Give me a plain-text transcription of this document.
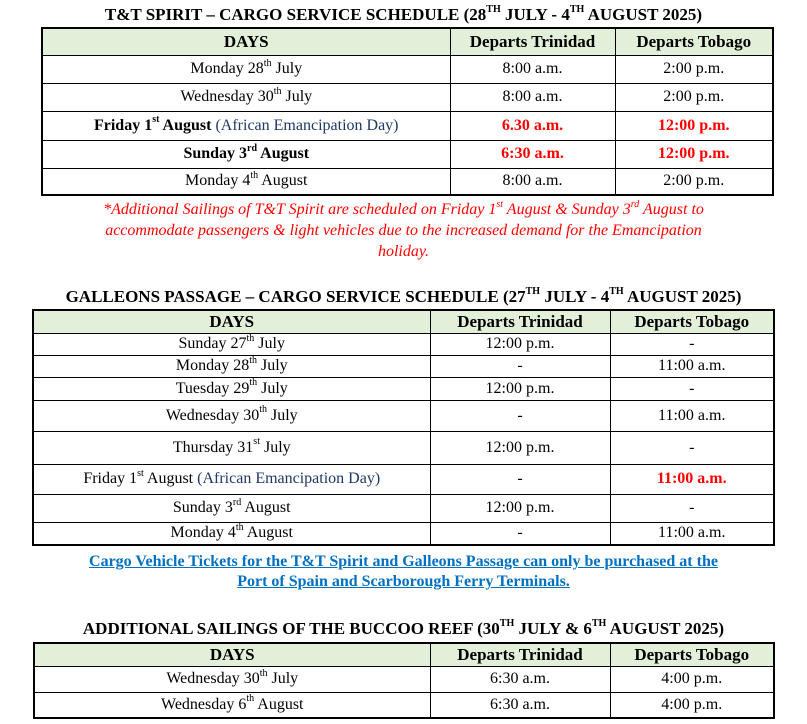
T&T SPIRIT – CARGO SERVICE SCHEDULE (28TH JULY - 4TH AUGUST 2025)
DAYS	Departs Trinidad	Departs Tobago
Monday 28th July	8:00 a.m.	2:00 p.m.
Wednesday 30th July	8:00 a.m.	2:00 p.m.
Friday 1st August (African Emancipation Day)	6.30 a.m.	12:00 p.m.
Sunday 3rd August	6:30 a.m.	12:00 p.m.
Monday 4th August	8:00 a.m.	2:00 p.m.
*Additional Sailings of T&T Spirit are scheduled on Friday 1st August & Sunday 3rd August to
accommodate passengers & light vehicles due to the increased demand for the Emancipation
holiday.
GALLEONS PASSAGE – CARGO SERVICE SCHEDULE (27TH JULY - 4TH AUGUST 2025)
DAYS	Departs Trinidad	Departs Tobago
Sunday 27th July	12:00 p.m.	-
Monday 28th July	-	11:00 a.m.
Tuesday 29th July	12:00 p.m.	-
Wednesday 30th July	-	11:00 a.m.
Thursday 31st July	12:00 p.m.	-
Friday 1st August (African Emancipation Day)	-	11:00 a.m.
Sunday 3rd August	12:00 p.m.	-
Monday 4th August	-	11:00 a.m.
Cargo Vehicle Tickets for the T&T Spirit and Galleons Passage can only be purchased at the
Port of Spain and Scarborough Ferry Terminals.
ADDITIONAL SAILINGS OF THE BUCCOO REEF (30TH JULY & 6TH AUGUST 2025)
DAYS	Departs Trinidad	Departs Tobago
Wednesday 30th July	6:30 a.m.	4:00 p.m.
Wednesday 6th August	6:30 a.m.	4:00 p.m.
